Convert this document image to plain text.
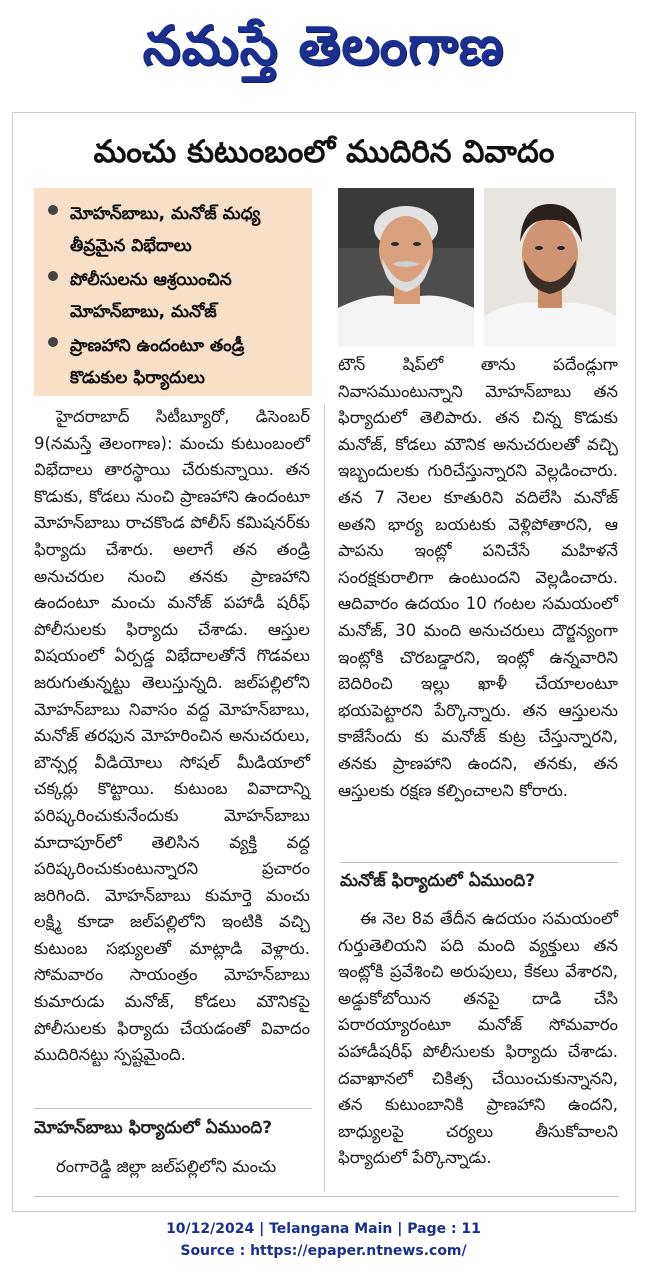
నమస్తే తెలంగాణ
మంచు కుటుంబంలో ముదిరిన వివాదం
మోహన్‌బాబు, మనోజ్ మధ్య తీవ్రమైన విభేదాలు
పోలీసులను ఆశ్రయించిన మోహన్‌బాబు, మనోజ్
ప్రాణహాని ఉందంటూ తండ్రీ కొడుకుల ఫిర్యాదులు

హైదరాబాద్ సిటీబ్యూరో, డిసెంబర్ 9(నమస్తే తెలంగాణ): మంచు కుటుంబంలో విభేదాలు తారస్థాయి చేరుకున్నాయి. తన కొడుకు, కోడలు నుంచి ప్రాణహాని ఉందంటూ మోహన్‌బాబు రాచకొండ పోలీస్ కమిషనర్‌కు ఫిర్యాదు చేశారు. అలాగే తన తండ్రి అనుచరుల నుంచి తనకు ప్రాణహాని ఉందంటూ మంచు మనోజ్ పహాడీ షరీఫ్ పోలీసులకు ఫిర్యాదు చేశాడు. ఆస్తుల విషయంలో ఏర్పడ్డ విభేదాలతోనే గొడవలు జరుగుతున్నట్టు తెలుస్తున్నది. జల్‌పల్లిలోని మోహన్‌బాబు నివాసం వద్ద మోహన్‌బాబు, మనోజ్ తరఫున మోహరించిన అనుచరులు, బౌన్సర్ల వీడియోలు సోషల్ మీడియాలో చక్కర్లు కొట్టాయి. కుటుంబ వివాదాన్ని పరిష్కరించుకునేందుకు మోహన్‌బాబు మాదాపూర్‌లో తెలిసిన వ్యక్తి వద్ద పరిష్కరించుకుంటున్నారని ప్రచారం జరిగింది. మోహన్‌బాబు కుమార్తె మంచు లక్ష్మి కూడా జల్‌పల్లిలోని ఇంటికి వచ్చి కుటుంబ సభ్యులతో మాట్లాడి వెళ్లారు. సోమవారం సాయంత్రం మోహన్‌బాబు కుమారుడు మనోజ్, కోడలు మౌనికపై పోలీసులకు ఫిర్యాదు చేయడంతో వివాదం ముదిరినట్టు స్పష్టమైంది.

మోహన్‌బాబు ఫిర్యాదులో ఏముంది?

రంగారెడ్డి జిల్లా జల్‌పల్లిలోని మంచు

టౌన్ షిప్‌లో తాను పదేండ్లుగా నివాసముంటున్నాని మోహన్‌బాబు తన ఫిర్యాదులో తెలిపారు. తన చిన్న కొడుకు మనోజ్, కోడలు మౌనిక అనుచరులతో వచ్చి ఇబ్బందులకు గురిచేస్తున్నారని వెల్లడించారు. తన 7 నెలల కూతురిని వదిలేసి మనోజ్ అతని భార్య బయటకు వెళ్లిపోతారని, ఆ పాపను ఇంట్లో పనిచేసే మహిళనే సంరక్షకురాలిగా ఉంటుందని వెల్లడించారు. ఆదివారం ఉదయం 10 గంటల సమయంలో మనోజ్, 30 మంది అనుచరులు దౌర్జన్యంగా ఇంట్లోకి చొరబడ్డారని, ఇంట్లో ఉన్నవారిని బెదిరించి ఇల్లు ఖాళీ చేయాలంటూ భయపెట్టారని పేర్కొన్నారు. తన ఆస్తులను కాజేసేందు కు మనోజ్ కుట్ర చేస్తున్నారని, తనకు ప్రాణహాని ఉందని, తనకు, తన ఆస్తులకు రక్షణ కల్పించాలని కోరారు.

మనోజ్ ఫిర్యాదులో ఏముంది?

ఈ నెల 8వ తేదీన ఉదయం సమయంలో గుర్తుతెలియని పది మంది వ్యక్తులు తన ఇంట్లోకి ప్రవేశించి అరుపులు, కేకలు వేశారని, అడ్డుకోబోయిన తనపై దాడి చేసి పరారయ్యారంటూ మనోజ్ సోమవారం పహాడీషరీఫ్ పోలీసులకు ఫిర్యాదు చేశాడు. దవాఖానలో చికిత్స చేయించుకున్నానని, తన కుటుంబానికి ప్రాణహాని ఉందని, బాధ్యులపై చర్యలు తీసుకోవాలని ఫిర్యాదులో పేర్కొన్నాడు.

10/12/2024 | Telangana Main | Page : 11
Source : https://epaper.ntnews.com/
